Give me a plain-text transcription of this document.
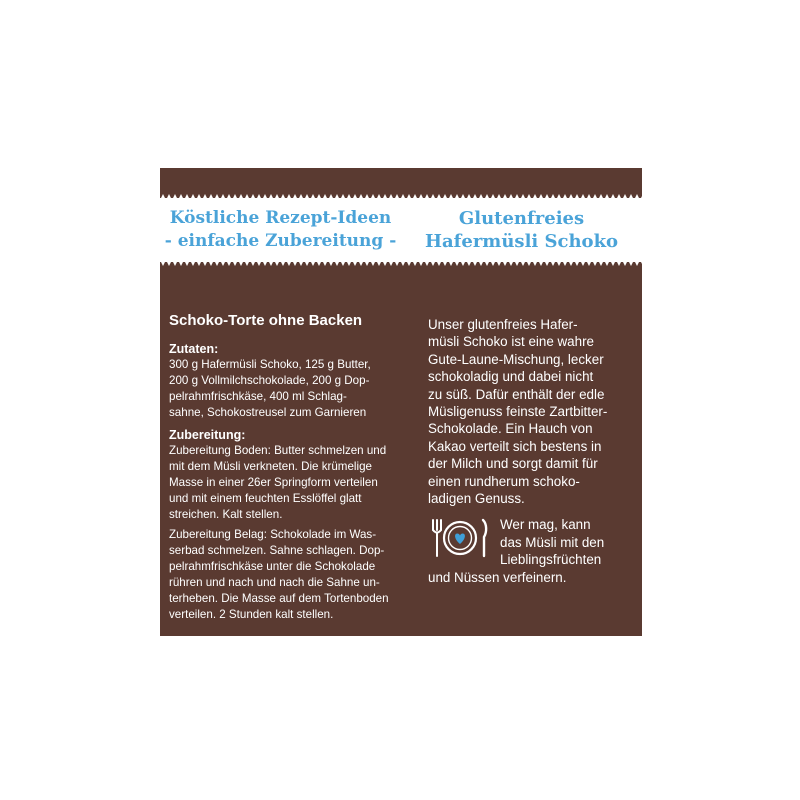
Köstliche Rezept-Ideen
- einfache Zubereitung -
Glutenfreies
Hafermüsli Schoko
Schoko-Torte ohne Backen
Zutaten:
300 g Hafermüsli Schoko, 125 g Butter,
200 g Vollmilchschokolade, 200 g Dop-
pelrahmfrischkäse, 400 ml Schlag-
sahne, Schokostreusel zum Garnieren
Zubereitung:
Zubereitung Boden: Butter schmelzen und
mit dem Müsli verkneten. Die krümelige
Masse in einer 26er Springform verteilen
und mit einem feuchten Esslöffel glatt
streichen. Kalt stellen.
Zubereitung Belag: Schokolade im Was-
serbad schmelzen. Sahne schlagen. Dop-
pelrahmfrischkäse unter die Schokolade
rühren und nach und nach die Sahne un-
terheben. Die Masse auf dem Tortenboden
verteilen. 2 Stunden kalt stellen.
Unser glutenfreies Hafer-
müsli Schoko ist eine wahre
Gute-Laune-Mischung, lecker
schokoladig und dabei nicht
zu süß. Dafür enthält der edle
Müsligenuss feinste Zartbitter-
Schokolade. Ein Hauch von
Kakao verteilt sich bestens in
der Milch und sorgt damit für
einen rundherum schoko-
ladigen Genuss.
Wer mag, kann
das Müsli mit den
Lieblingsfrüchten
und Nüssen verfeinern.
